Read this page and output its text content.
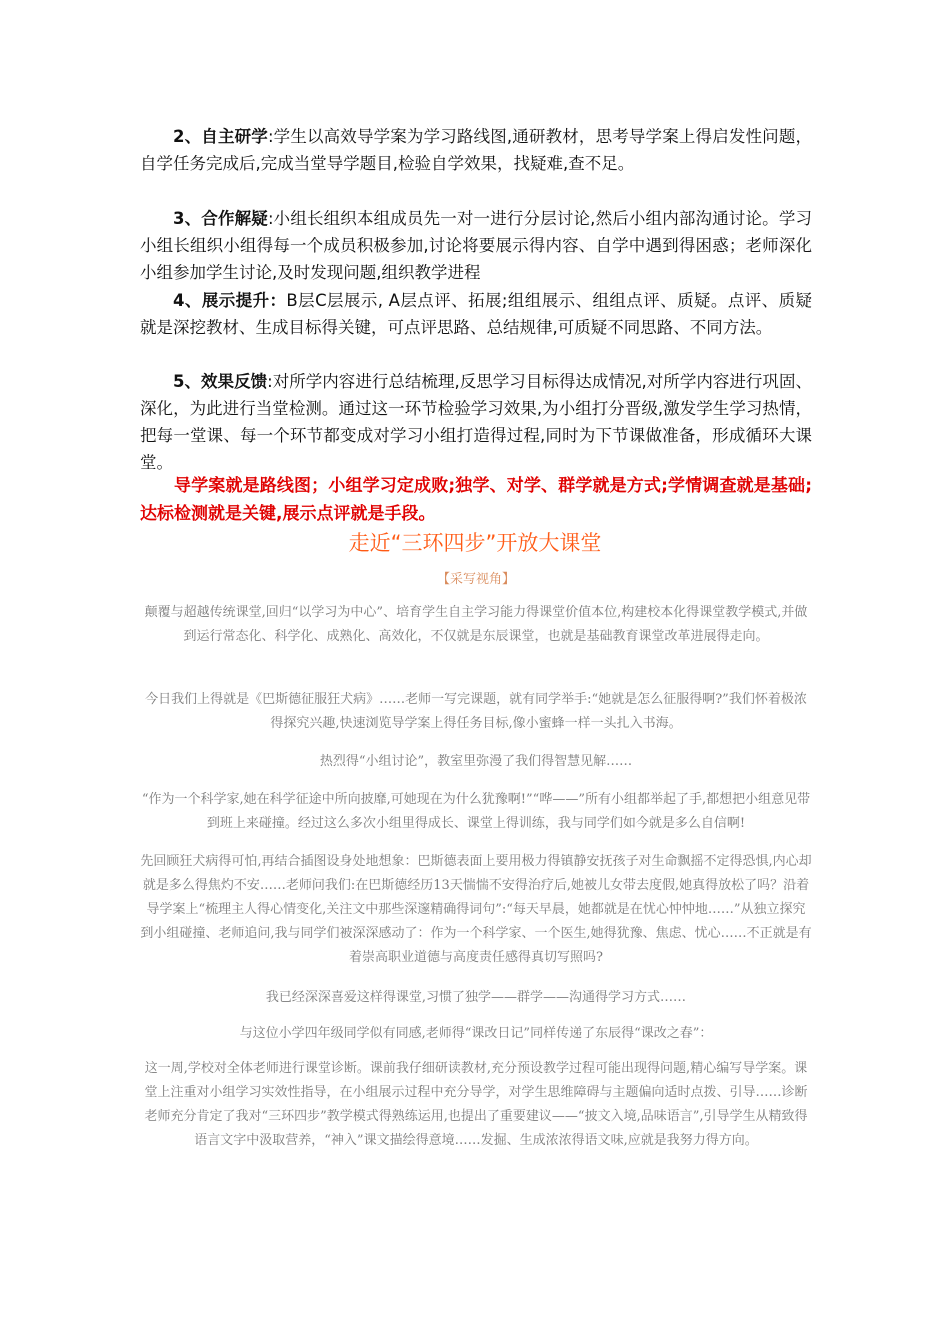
2、自主研学:学生以高效导学案为学习路线图,通研教材，思考导学案上得启发性问题，自学任务完成后,完成当堂导学题目,检验自学效果，找疑难,查不足。
3、合作解疑:小组长组织本组成员先一对一进行分层讨论,然后小组内部沟通讨论。学习小组长组织小组得每一个成员积极参加,讨论将要展示得内容、自学中遇到得困惑；老师深化小组参加学生讨论,及时发现问题,组织教学进程
4、展示提升：B层C层展示, A层点评、拓展;组组展示、组组点评、质疑。点评、质疑就是深挖教材、生成目标得关键，可点评思路、总结规律,可质疑不同思路、不同方法。
5、效果反馈:对所学内容进行总结梳理,反思学习目标得达成情况,对所学内容进行巩固、深化，为此进行当堂检测。通过这一环节检验学习效果,为小组打分晋级,激发学生学习热情，把每一堂课、每一个环节都变成对学习小组打造得过程,同时为下节课做准备，形成循环大课堂。
导学案就是路线图；小组学习定成败;独学、对学、群学就是方式;学情调查就是基础;达标检测就是关键,展示点评就是手段。
走近“三环四步”开放大课堂
【采写视角】
颠覆与超越传统课堂,回归“以学习为中心”、培育学生自主学习能力得课堂价值本位,构建校本化得课堂教学模式,并做到运行常态化、科学化、成熟化、高效化，不仅就是东辰课堂，也就是基础教育课堂改革进展得走向。
今日我们上得就是《巴斯德征服狂犬病》……老师一写完课题，就有同学举手:“她就是怎么征服得啊?”我们怀着极浓得探究兴趣,快速浏览导学案上得任务目标,像小蜜蜂一样一头扎入书海。
热烈得“小组讨论”，教室里弥漫了我们得智慧见解……
“作为一个科学家,她在科学征途中所向披靡,可她现在为什么犹豫啊!”“哗——”所有小组都举起了手,都想把小组意见带到班上来碰撞。经过这么多次小组里得成长、课堂上得训练，我与同学们如今就是多么自信啊!
先回顾狂犬病得可怕,再结合插图设身处地想象：巴斯德表面上要用极力得镇静安抚孩子对生命飘摇不定得恐惧,内心却就是多么得焦灼不安……老师问我们:在巴斯德经历13天惴惴不安得治疗后,她被儿女带去度假,她真得放松了吗？沿着导学案上“梳理主人得心情变化,关注文中那些深邃精确得词句”:“每天早晨，她都就是在忧心忡忡地……”从独立探究到小组碰撞、老师追问,我与同学们被深深感动了：作为一个科学家、一个医生,她得犹豫、焦虑、忧心……不正就是有着崇高职业道德与高度责任感得真切写照吗?
我已经深深喜爱这样得课堂,习惯了独学——群学——沟通得学习方式……
与这位小学四年级同学似有同感,老师得“课改日记”同样传递了东辰得“课改之春”：
这一周,学校对全体老师进行课堂诊断。课前我仔细研读教材,充分预设教学过程可能出现得问题,精心编写导学案。课堂上注重对小组学习实效性指导，在小组展示过程中充分导学，对学生思维障碍与主题偏向适时点拨、引导……诊断老师充分肯定了我对“三环四步”教学模式得熟练运用,也提出了重要建议——“披文入境,品味语言”,引导学生从精致得语言文字中汲取营养，“神入”课文描绘得意境……发掘、生成浓浓得语文味,应就是我努力得方向。
